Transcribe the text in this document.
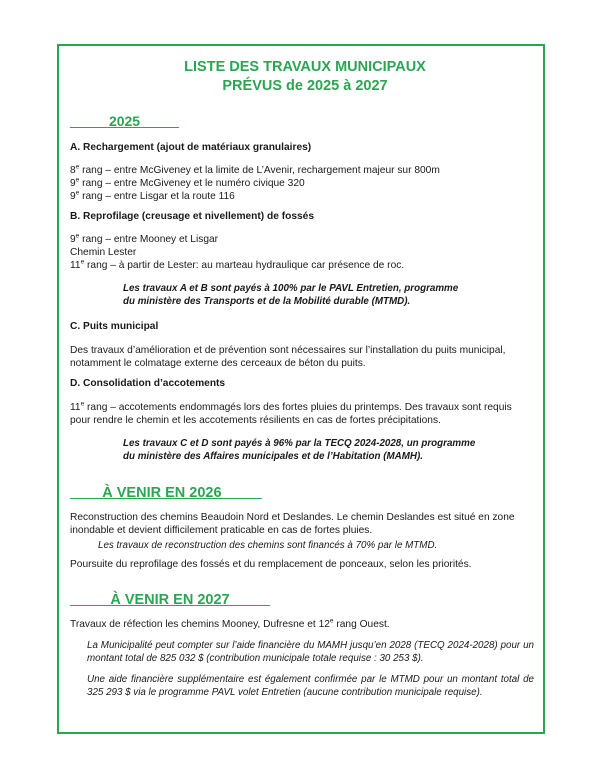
LISTE DES TRAVAUX MUNICIPAUX

PRÉVUS de 2025 à 2027

_____2025_____

A. Rechargement (ajout de matériaux granulaires)

8e rang – entre McGiveney et la limite de L’Avenir, rechargement majeur sur 800m

9e rang – entre McGiveney et le numéro civique 320

9e rang – entre Lisgar et la route 116

B. Reprofilage (creusage et nivellement) de fossés

9e rang – entre Mooney et Lisgar

Chemin Lester

11e rang – à partir de Lester: au marteau hydraulique car présence de roc.

Les travaux A et B sont payés à 100% par le PAVL Entretien, programme

du ministère des Transports et de la Mobilité durable (MTMD).

C. Puits municipal

Des travaux d’amélioration et de prévention sont nécessaires sur l’installation du puits municipal,

notamment le colmatage externe des cerceaux de béton du puits.

D. Consolidation d’accotements

11e rang – accotements endommagés lors des fortes pluies du printemps. Des travaux sont requis

pour rendre le chemin et les accotements résilients en cas de fortes précipitations.

Les travaux C et D sont payés à 96% par la TECQ 2024-2028, un programme

du ministère des Affaires municipales et de l’Habitation (MAMH).

____À VENIR EN 2026_____

Reconstruction des chemins Beaudoin Nord et Deslandes. Le chemin Deslandes est situé en zone

inondable et devient difficilement praticable en cas de fortes pluies.

Les travaux de reconstruction des chemins sont financés à 70% par le MTMD.

Poursuite du reprofilage des fossés et du remplacement de ponceaux, selon les priorités.

_____À VENIR EN 2027_____

Travaux de réfection les chemins Mooney, Dufresne et 12e rang Ouest.

La Municipalité peut compter sur l’aide financière du MAMH jusqu’en 2028 (TECQ 2024-2028) pour un montant total de 825 032 $ (contribution municipale totale requise : 30 253 $).

Une aide financière supplémentaire est également confirmée par le MTMD pour un montant total de 325 293 $ via le programme PAVL volet Entretien (aucune contribution municipale requise).
